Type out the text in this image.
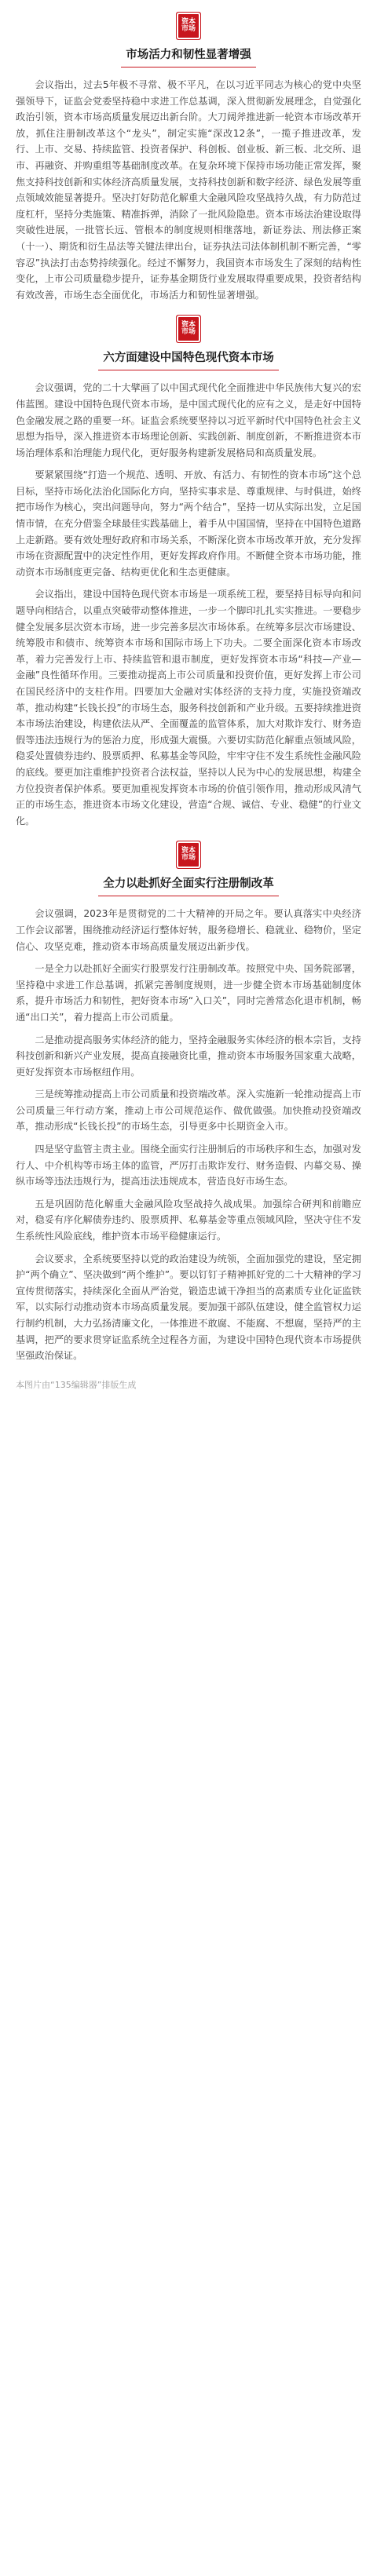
资本市场
市场活力和韧性显著增强

会议指出，过去5年极不寻常、极不平凡，在以习近平同志为核心的党中央坚强领导下，证监会党委坚持稳中求进工作总基调，深入贯彻新发展理念，自觉强化政治引领，资本市场高质量发展迈出新台阶。大刀阔斧推进新一轮资本市场改革开放，抓住注册制改革这个“龙头”，制定实施“深改12条”，一揽子推进改革，发行、上市、交易、持续监管、投资者保护、科创板、创业板、新三板、北交所、退市、再融资、并购重组等基础制度改革。在复杂环境下保持市场功能正常发挥，聚焦支持科技创新和实体经济高质量发展，支持科技创新和数字经济、绿色发展等重点领域效能显著提升。坚决打好防范化解重大金融风险攻坚战持久战，有力防范过度杠杆，坚持分类施策、精准拆弹，消除了一批风险隐患。资本市场法治建设取得突破性进展，一批管长远、管根本的制度规则相继落地，新证券法、刑法修正案（十一）、期货和衍生品法等关键法律出台，证券执法司法体制机制不断完善，“零容忍”执法打击态势持续强化。经过不懈努力，我国资本市场发生了深刻的结构性变化，上市公司质量稳步提升，证券基金期货行业发展取得重要成果，投资者结构有效改善，市场生态全面优化，市场活力和韧性显著增强。

资本市场
六方面建设中国特色现代资本市场

会议强调，党的二十大擘画了以中国式现代化全面推进中华民族伟大复兴的宏伟蓝图。建设中国特色现代资本市场，是中国式现代化的应有之义，是走好中国特色金融发展之路的重要一环。证监会系统要坚持以习近平新时代中国特色社会主义思想为指导，深入推进资本市场理论创新、实践创新、制度创新，不断推进资本市场治理体系和治理能力现代化，更好服务构建新发展格局和高质量发展。

要紧紧围绕“打造一个规范、透明、开放、有活力、有韧性的资本市场”这个总目标，坚持市场化法治化国际化方向，坚持实事求是、尊重规律、与时俱进，始终把市场作为核心，突出问题导向，努力“两个结合”，坚持一切从实际出发，立足国情市情，在充分借鉴全球最佳实践基础上，着手从中国国情，坚持在中国特色道路上走新路。要有效处理好政府和市场关系，不断深化资本市场改革开放，充分发挥市场在资源配置中的决定性作用，更好发挥政府作用。不断健全资本市场功能，推动资本市场制度更完备、结构更优化和生态更健康。

会议指出，建设中国特色现代资本市场是一项系统工程，要坚持目标导向和问题导向相结合，以重点突破带动整体推进，一步一个脚印扎扎实实推进。一要稳步健全发展多层次资本市场，进一步完善多层次市场体系。在统筹多层次市场建设、统筹股市和债市、统筹资本市场和国际市场上下功夫。二要全面深化资本市场改革，着力完善发行上市、持续监管和退市制度，更好发挥资本市场“科技—产业—金融”良性循环作用。三要推动提高上市公司质量和投资价值，更好发挥上市公司在国民经济中的支柱作用。四要加大金融对实体经济的支持力度，实施投资端改革，推动构建“长钱长投”的市场生态，服务科技创新和产业升级。五要持续推进资本市场法治建设，构建依法从严、全面覆盖的监管体系，加大对欺诈发行、财务造假等违法违规行为的惩治力度，形成强大震慑。六要切实防范化解重点领域风险，稳妥处置债券违约、股票质押、私募基金等风险，牢牢守住不发生系统性金融风险的底线。要更加注重维护投资者合法权益，坚持以人民为中心的发展思想，构建全方位投资者保护体系。要更加重视发挥资本市场的价值引领作用，推动形成风清气正的市场生态，推进资本市场文化建设，营造“合规、诚信、专业、稳健”的行业文化。

资本市场
全力以赴抓好全面实行注册制改革

会议强调，2023年是贯彻党的二十大精神的开局之年。要认真落实中央经济工作会议部署，围绕推动经济运行整体好转，服务稳增长、稳就业、稳物价，坚定信心、攻坚克难，推动资本市场高质量发展迈出新步伐。

一是全力以赴抓好全面实行股票发行注册制改革。按照党中央、国务院部署，坚持稳中求进工作总基调，抓紧完善制度规则，进一步健全资本市场基础制度体系，提升市场活力和韧性，把好资本市场“入口关”，同时完善常态化退市机制，畅通“出口关”，着力提高上市公司质量。

二是推动提高服务实体经济的能力，坚持金融服务实体经济的根本宗旨，支持科技创新和新兴产业发展，提高直接融资比重，推动资本市场服务国家重大战略，更好发挥资本市场枢纽作用。

三是统筹推动提高上市公司质量和投资端改革。深入实施新一轮推动提高上市公司质量三年行动方案，推动上市公司规范运作、做优做强。加快推动投资端改革，推动形成“长钱长投”的市场生态，引导更多中长期资金入市。

四是坚守监管主责主业。围绕全面实行注册制后的市场秩序和生态，加强对发行人、中介机构等市场主体的监管，严厉打击欺诈发行、财务造假、内幕交易、操纵市场等违法违规行为，提高违法违规成本，营造良好市场生态。

五是巩固防范化解重大金融风险攻坚战持久战成果。加强综合研判和前瞻应对，稳妥有序化解债券违约、股票质押、私募基金等重点领域风险，坚决守住不发生系统性风险底线，维护资本市场平稳健康运行。

会议要求，全系统要坚持以党的政治建设为统领，全面加强党的建设，坚定拥护“两个确立”、坚决做到“两个维护”。要以钉钉子精神抓好党的二十大精神的学习宣传贯彻落实，持续深化全面从严治党，锻造忠诚干净担当的高素质专业化证监铁军，以实际行动推动资本市场高质量发展。要加强干部队伍建设，健全监管权力运行制约机制，大力弘扬清廉文化，一体推进不敢腐、不能腐、不想腐，坚持严的主基调，把严的要求贯穿证监系统全过程各方面，为建设中国特色现代资本市场提供坚强政治保证。

本图片由“135编辑器”排版生成
